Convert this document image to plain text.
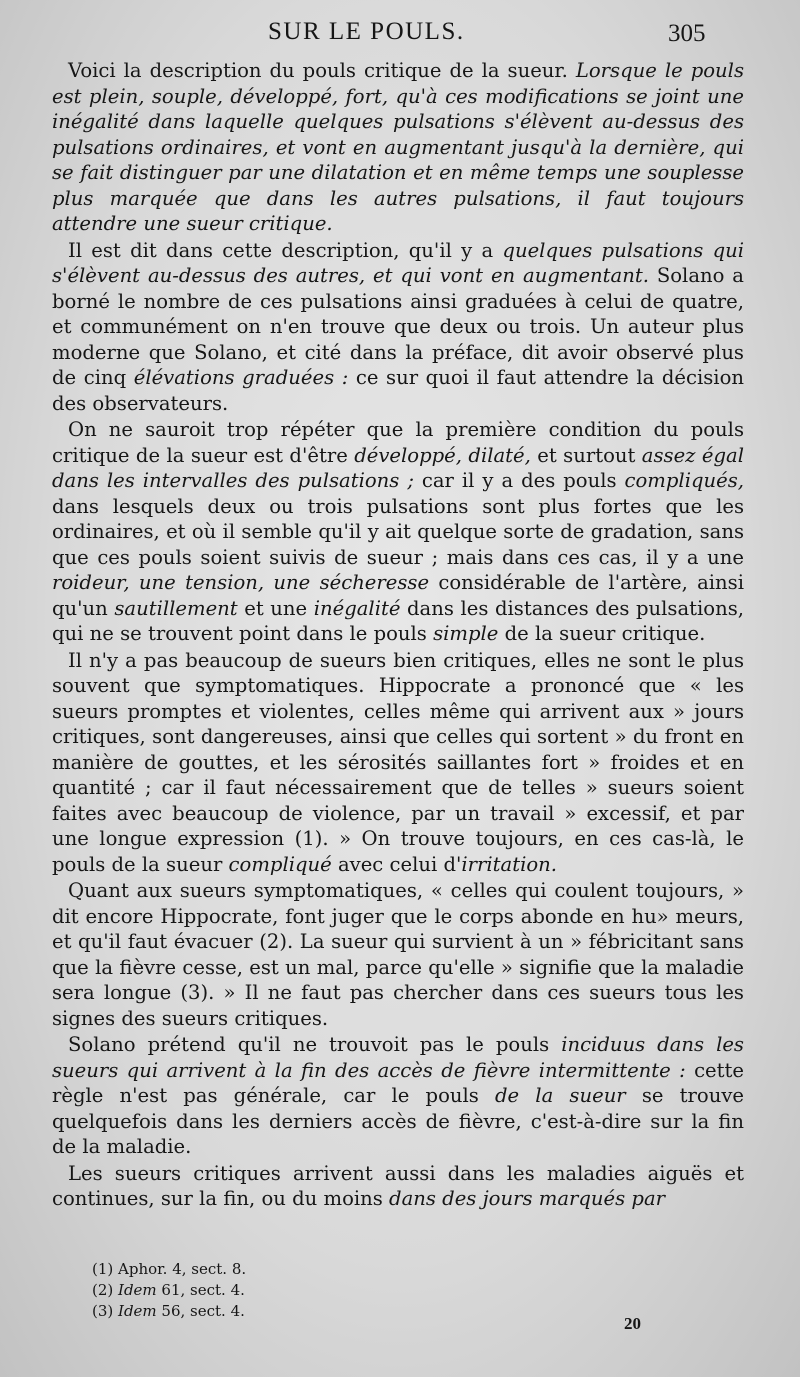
SUR LE POULS.	305

Voici la description du pouls critique de la sueur. Lorsque le pouls est plein, souple, développé, fort, qu'à ces modifications se joint une inégalité dans laquelle quelques pulsations s'élèvent au-dessus des pulsations ordinaires, et vont en augmentant jusqu'à la dernière, qui se fait distinguer par une dilatation et en même temps une souplesse plus marquée que dans les autres pulsations, il faut toujours attendre une sueur critique.

Il est dit dans cette description, qu'il y a quelques pulsations qui s'élèvent au-dessus des autres, et qui vont en augmentant. Solano a borné le nombre de ces pulsations ainsi graduées à celui de quatre, et communément on n'en trouve que deux ou trois. Un auteur plus moderne que Solano, et cité dans la préface, dit avoir observé plus de cinq élévations graduées : ce sur quoi il faut attendre la décision des observateurs.

On ne sauroit trop répéter que la première condition du pouls critique de la sueur est d'être développé, dilaté, et surtout assez égal dans les intervalles des pulsations ; car il y a des pouls compliqués, dans lesquels deux ou trois pulsations sont plus fortes que les ordinaires, et où il semble qu'il y ait quelque sorte de gradation, sans que ces pouls soient suivis de sueur ; mais dans ces cas, il y a une roideur, une tension, une sécheresse considérable de l'artère, ainsi qu'un sautillement et une inégalité dans les distances des pulsations, qui ne se trouvent point dans le pouls simple de la sueur critique.

Il n'y a pas beaucoup de sueurs bien critiques, elles ne sont le plus souvent que symptomatiques. Hippocrate a prononcé que « les sueurs promptes et violentes, celles même qui arrivent aux » jours critiques, sont dangereuses, ainsi que celles qui sortent » du front en manière de gouttes, et les sérosités saillantes fort » froides et en quantité ; car il faut nécessairement que de telles » sueurs soient faites avec beaucoup de violence, par un travail » excessif, et par une longue expression (1). » On trouve toujours, en ces cas-là, le pouls de la sueur compliqué avec celui d'irritation.

Quant aux sueurs symptomatiques, « celles qui coulent toujours, » dit encore Hippocrate, font juger que le corps abonde en hu» meurs, et qu'il faut évacuer (2). La sueur qui survient à un » fébricitant sans que la fièvre cesse, est un mal, parce qu'elle » signifie que la maladie sera longue (3). » Il ne faut pas chercher dans ces sueurs tous les signes des sueurs critiques.

Solano prétend qu'il ne trouvoit pas le pouls inciduus dans les sueurs qui arrivent à la fin des accès de fièvre intermittente : cette règle n'est pas générale, car le pouls de la sueur se trouve quelquefois dans les derniers accès de fièvre, c'est-à-dire sur la fin de la maladie.

Les sueurs critiques arrivent aussi dans les maladies aiguës et continues, sur la fin, ou du moins dans des jours marqués par

(1) Aphor. 4, sect. 8.
(2) Idem 61, sect. 4.
(3) Idem 56, sect. 4.
20
